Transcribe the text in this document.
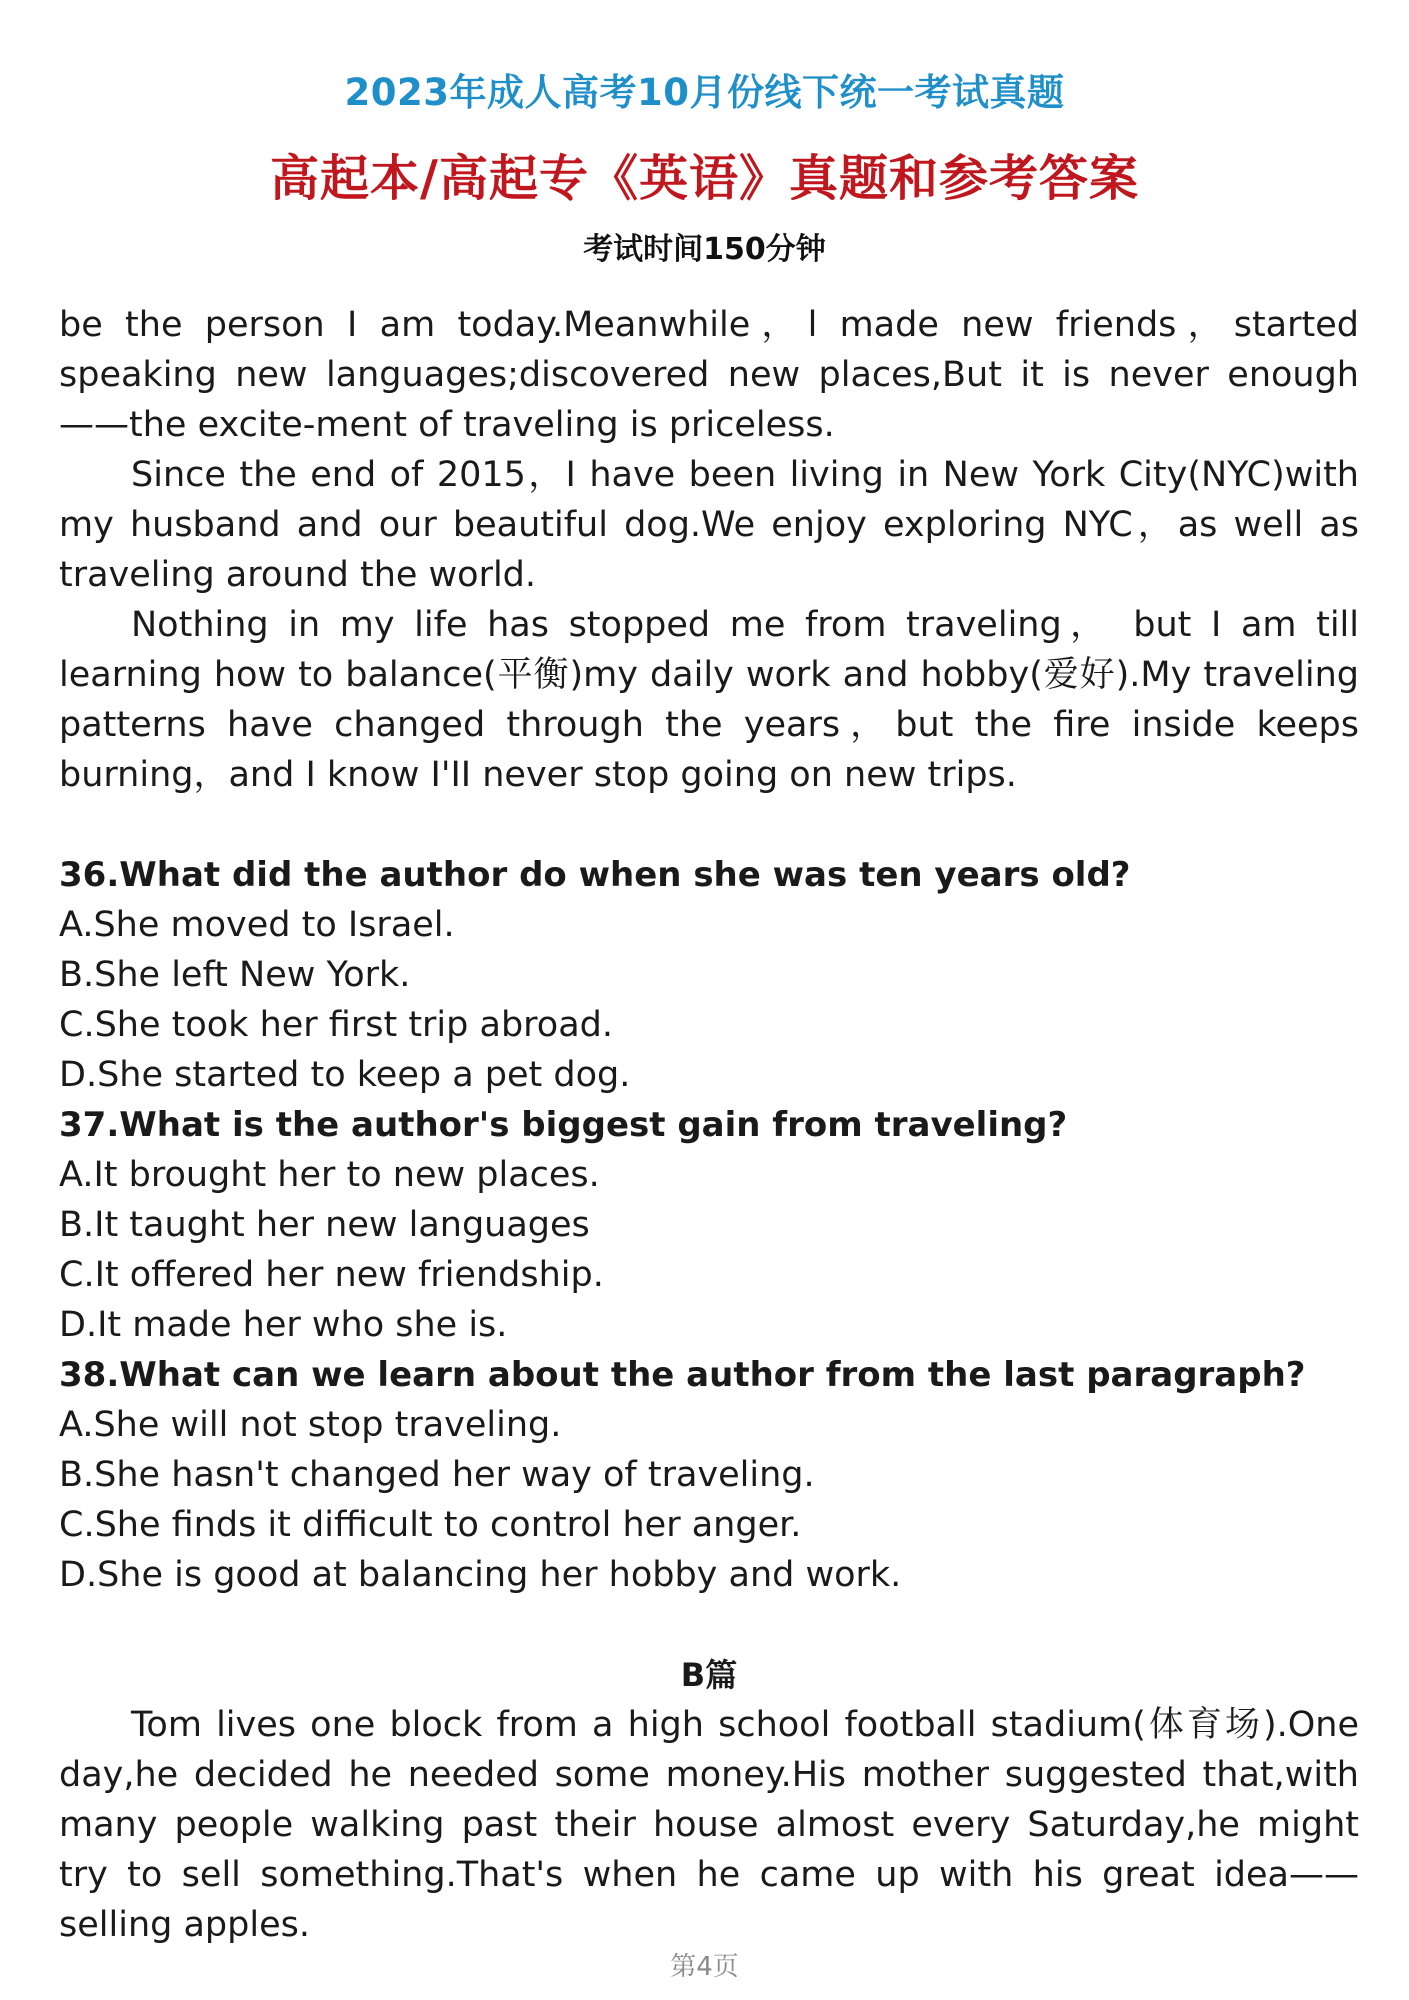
2023年成人高考10月份线下统一考试真题
高起本/高起专《英语》真题和参考答案
考试时间150分钟

be the person I am today.Meanwhile，l made new friends，started speaking new languages;discovered new places,But it is never enough——the excite-ment of traveling is priceless.

Since the end of 2015，I have been living in New York City(NYC)with my husband and our beautiful dog.We enjoy exploring NYC，as well as traveling around the world.

Nothing in my life has stopped me from traveling， but I am till learning how to balance(平衡)my daily work and hobby(爱好).My traveling patterns have changed through the years，but the fire inside keeps burning，and I know I'II never stop going on new trips.

36.What did the author do when she was ten years old?

A.She moved to Israel.

B.She left New York.

C.She took her first trip abroad.

D.She started to keep a pet dog.

37.What is the author's biggest gain from traveling?

A.It brought her to new places.

B.It taught her new languages

C.It offered her new friendship.

D.It made her who she is.

38.What can we learn about the author from the last paragraph?

A.She will not stop traveling.

B.She hasn't changed her way of traveling.

C.She finds it difficult to control her anger.

D.She is good at balancing her hobby and work.

B篇

Tom lives one block from a high school football stadium(体育场).One day,he decided he needed some money.His mother suggested that,with many people walking past their house almost every Saturday,he might try to sell something.That's when he came up with his great idea——selling apples.

第4页
